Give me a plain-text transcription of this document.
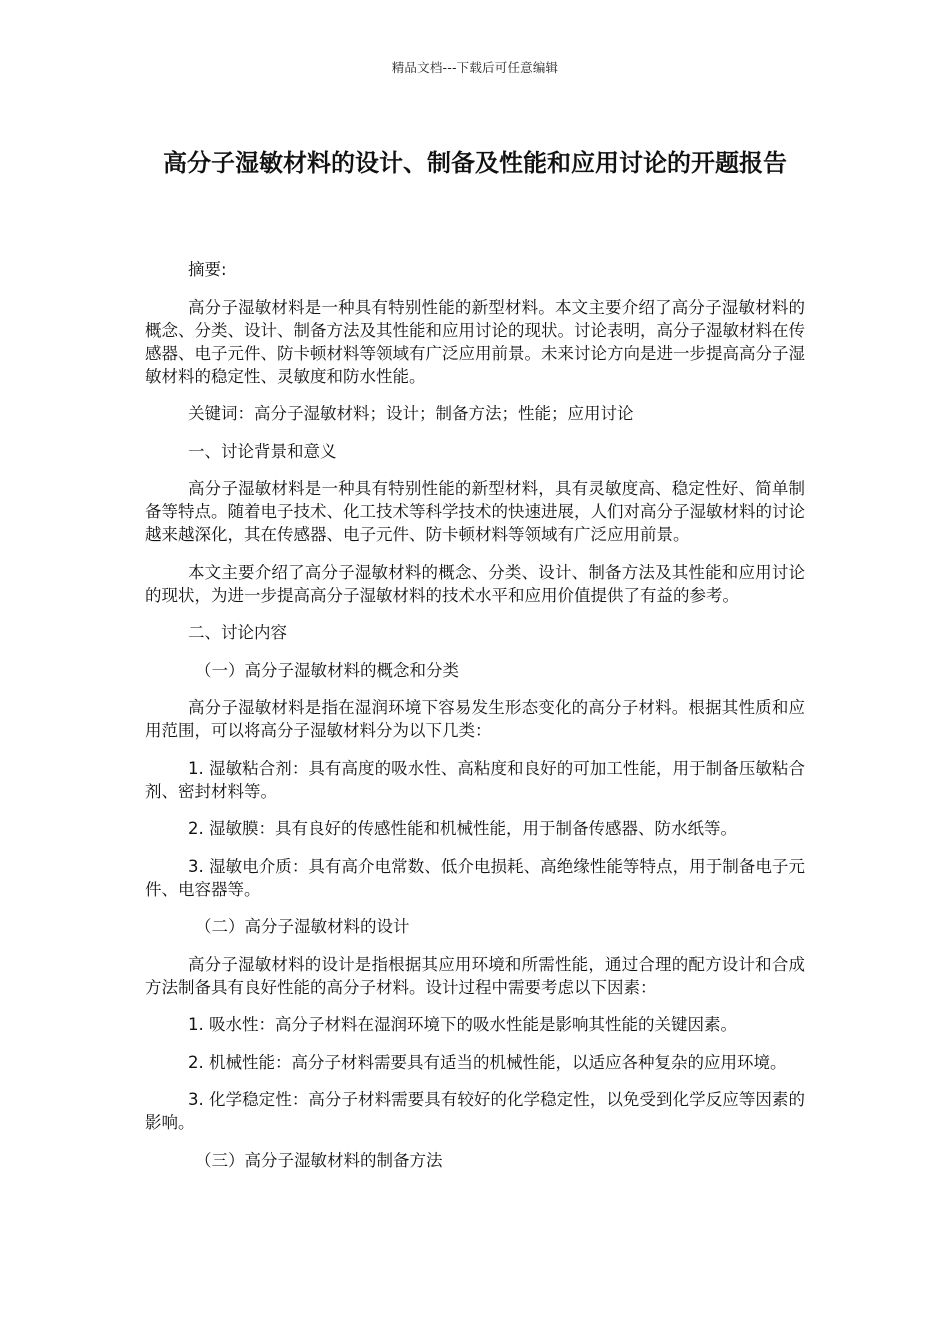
精品文档---下载后可任意编辑
高分子湿敏材料的设计、制备及性能和应用讨论的开题报告

摘要:

高分子湿敏材料是一种具有特别性能的新型材料。本文主要介绍了高分子湿敏材料的概念、分类、设计、制备方法及其性能和应用讨论的现状。讨论表明，高分子湿敏材料在传感器、电子元件、防卡顿材料等领域有广泛应用前景。未来讨论方向是进一步提高高分子湿敏材料的稳定性、灵敏度和防水性能。

关键词：高分子湿敏材料；设计；制备方法；性能；应用讨论

一、讨论背景和意义

高分子湿敏材料是一种具有特别性能的新型材料，具有灵敏度高、稳定性好、简单制备等特点。随着电子技术、化工技术等科学技术的快速进展，人们对高分子湿敏材料的讨论越来越深化，其在传感器、电子元件、防卡顿材料等领域有广泛应用前景。

本文主要介绍了高分子湿敏材料的概念、分类、设计、制备方法及其性能和应用讨论的现状，为进一步提高高分子湿敏材料的技术水平和应用价值提供了有益的参考。

二、讨论内容

（一）高分子湿敏材料的概念和分类

高分子湿敏材料是指在湿润环境下容易发生形态变化的高分子材料。根据其性质和应用范围，可以将高分子湿敏材料分为以下几类：

1. 湿敏粘合剂：具有高度的吸水性、高粘度和良好的可加工性能，用于制备压敏粘合剂、密封材料等。

2. 湿敏膜：具有良好的传感性能和机械性能，用于制备传感器、防水纸等。

3. 湿敏电介质：具有高介电常数、低介电损耗、高绝缘性能等特点，用于制备电子元件、电容器等。

（二）高分子湿敏材料的设计

高分子湿敏材料的设计是指根据其应用环境和所需性能，通过合理的配方设计和合成方法制备具有良好性能的高分子材料。设计过程中需要考虑以下因素：

1. 吸水性：高分子材料在湿润环境下的吸水性能是影响其性能的关键因素。

2. 机械性能：高分子材料需要具有适当的机械性能，以适应各种复杂的应用环境。

3. 化学稳定性：高分子材料需要具有较好的化学稳定性，以免受到化学反应等因素的影响。

（三）高分子湿敏材料的制备方法
